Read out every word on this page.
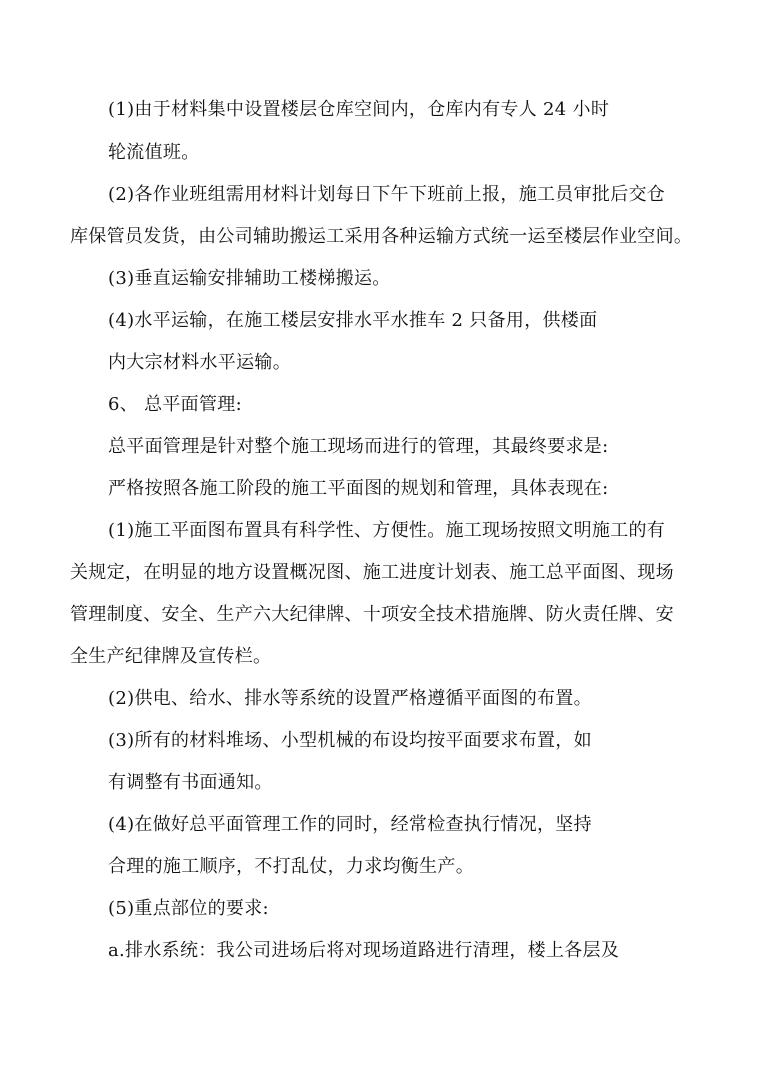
(1)由于材料集中设置楼层仓库空间内，仓库内有专人 24 小时
轮流值班。
(2)各作业班组需用材料计划每日下午下班前上报，施工员审批后交仓
库保管员发货，由公司辅助搬运工采用各种运输方式统一运至楼层作业空间。
(3)垂直运输安排辅助工楼梯搬运。
(4)水平运输，在施工楼层安排水平水推车 2 只备用，供楼面
内大宗材料水平运输。
6、 总平面管理:
总平面管理是针对整个施工现场而进行的管理，其最终要求是:
严格按照各施工阶段的施工平面图的规划和管理，具体表现在:
(1)施工平面图布置具有科学性、方便性。施工现场按照文明施工的有
关规定，在明显的地方设置概况图、施工进度计划表、施工总平面图、现场
管理制度、安全、生产六大纪律牌、十项安全技术措施牌、防火责任牌、安
全生产纪律牌及宣传栏。
(2)供电、给水、排水等系统的设置严格遵循平面图的布置。
(3)所有的材料堆场、小型机械的布设均按平面要求布置，如
有调整有书面通知。
(4)在做好总平面管理工作的同时，经常检查执行情况，坚持
合理的施工顺序，不打乱仗，力求均衡生产。
(5)重点部位的要求:
a.排水系统：我公司进场后将对现场道路进行清理，楼上各层及
